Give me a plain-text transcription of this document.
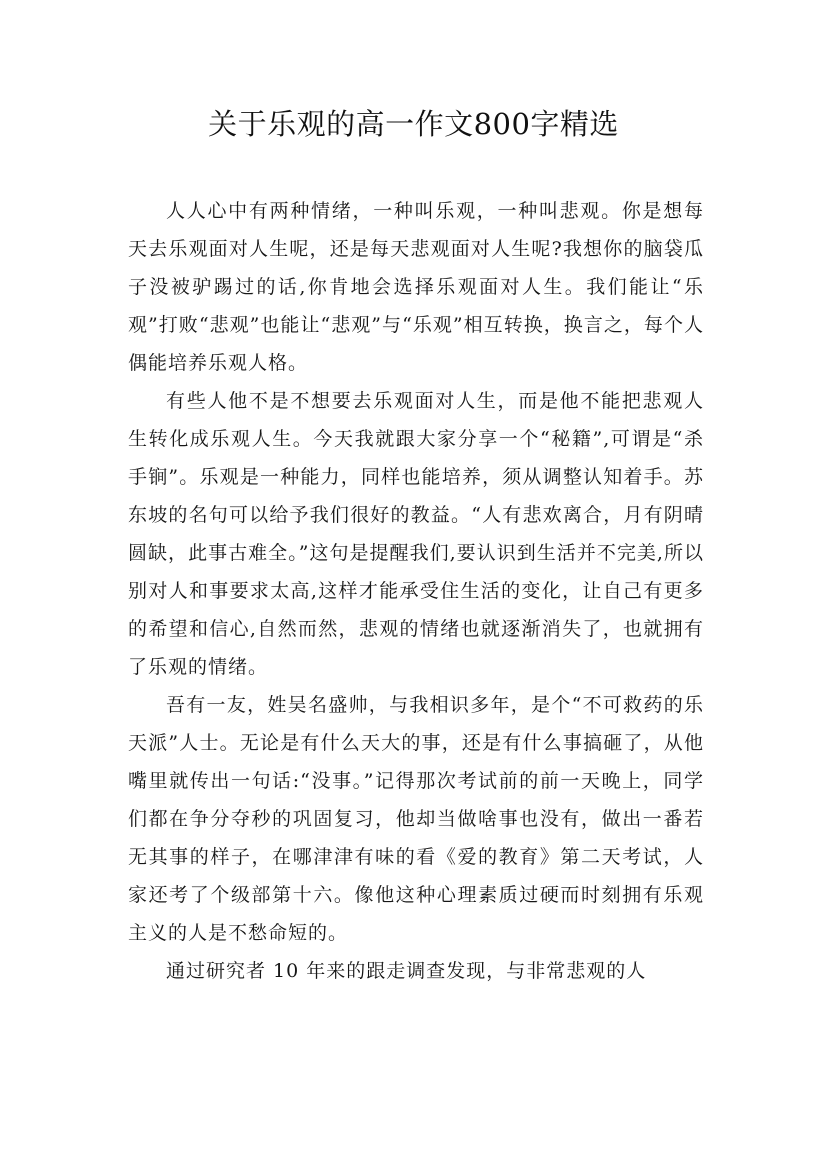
关于乐观的高一作文800字精选

人人心中有两种情绪，一种叫乐观，一种叫悲观。你是想每天去乐观面对人生呢，还是每天悲观面对人生呢?我想你的脑袋瓜子没被驴踢过的话,你肯地会选择乐观面对人生。我们能让“乐观”打败“悲观”也能让“悲观”与“乐观”相互转换，换言之，每个人偶能培养乐观人格。

有些人他不是不想要去乐观面对人生，而是他不能把悲观人生转化成乐观人生。今天我就跟大家分享一个“秘籍”,可谓是“杀手锏”。乐观是一种能力，同样也能培养，须从调整认知着手。苏东坡的名句可以给予我们很好的教益。“人有悲欢离合，月有阴晴圆缺，此事古难全。”这句是提醒我们,要认识到生活并不完美,所以别对人和事要求太高,这样才能承受住生活的变化，让自己有更多的希望和信心,自然而然，悲观的情绪也就逐渐消失了，也就拥有了乐观的情绪。

吾有一友，姓吴名盛帅，与我相识多年，是个“不可救药的乐天派”人士。无论是有什么天大的事，还是有什么事搞砸了，从他嘴里就传出一句话:“没事。”记得那次考试前的前一天晚上，同学们都在争分夺秒的巩固复习，他却当做啥事也没有，做出一番若无其事的样子，在哪津津有味的看《爱的教育》第二天考试，人家还考了个级部第十六。像他这种心理素质过硬而时刻拥有乐观主义的人是不愁命短的。

通过研究者 10 年来的跟走调查发现，与非常悲观的人
